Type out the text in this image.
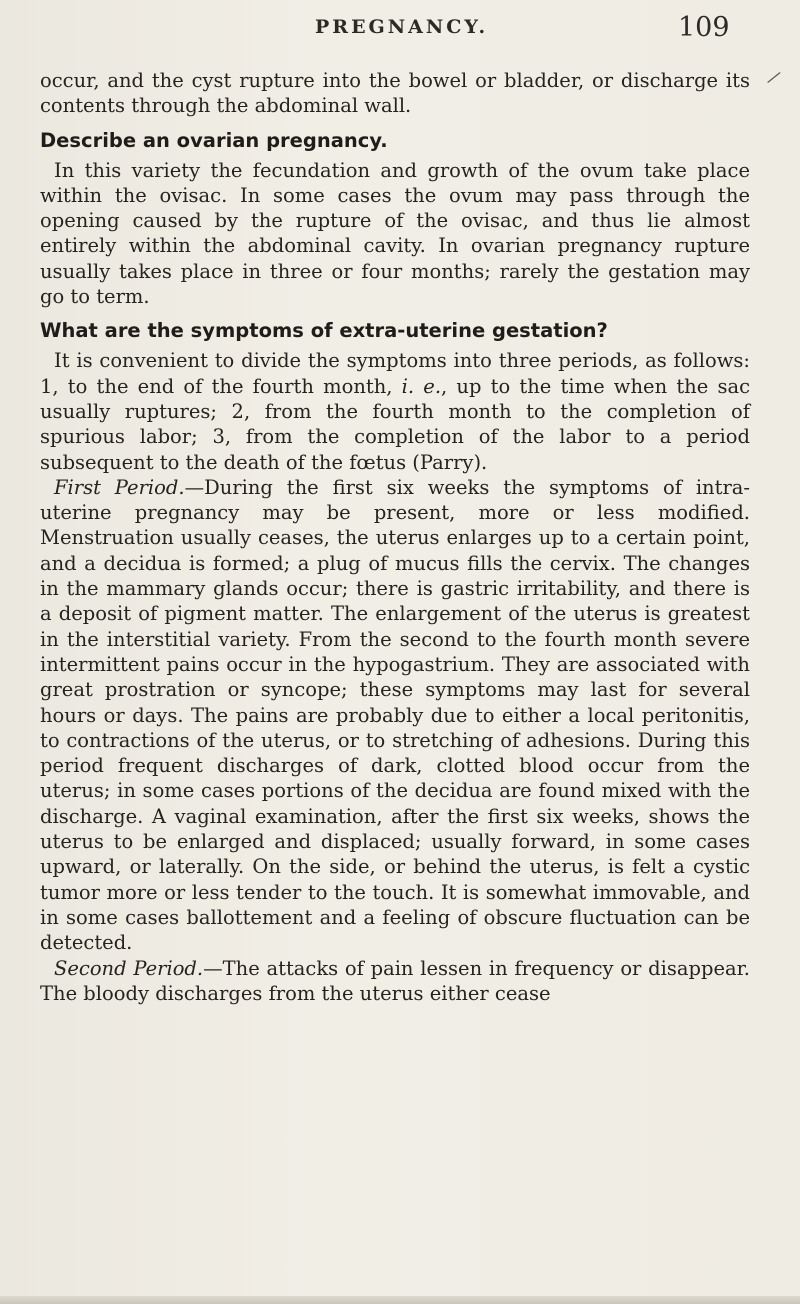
PREGNANCY.	109
⁄

occur, and the cyst rupture into the bowel or bladder, or discharge its contents through the abdominal wall.

Describe an ovarian pregnancy.

In this variety the fecundation and growth of the ovum take place within the ovisac. In some cases the ovum may pass through the opening caused by the rupture of the ovisac, and thus lie almost entirely within the abdominal cavity. In ovarian pregnancy rupture usually takes place in three or four months; rarely the gestation may go to term.

What are the symptoms of extra-uterine gestation?

It is convenient to divide the symptoms into three periods, as follows: 1, to the end of the fourth month, i. e., up to the time when the sac usually ruptures; 2, from the fourth month to the completion of spurious labor; 3, from the completion of the labor to a period subsequent to the death of the fœtus (Parry).

First Period.—During the first six weeks the symptoms of intra-uterine pregnancy may be present, more or less modified. Menstruation usually ceases, the uterus enlarges up to a certain point, and a decidua is formed; a plug of mucus fills the cervix. The changes in the mammary glands occur; there is gastric irritability, and there is a deposit of pigment matter. The enlargement of the uterus is greatest in the interstitial variety. From the second to the fourth month severe intermittent pains occur in the hypogastrium. They are associated with great prostration or syncope; these symptoms may last for several hours or days. The pains are probably due to either a local peritonitis, to contractions of the uterus, or to stretching of adhesions. During this period frequent discharges of dark, clotted blood occur from the uterus; in some cases portions of the decidua are found mixed with the discharge. A vaginal examination, after the first six weeks, shows the uterus to be enlarged and displaced; usually forward, in some cases upward, or laterally. On the side, or behind the uterus, is felt a cystic tumor more or less tender to the touch. It is somewhat immovable, and in some cases ballottement and a feeling of obscure fluctuation can be detected.

Second Period.—The attacks of pain lessen in frequency or disappear. The bloody discharges from the uterus either cease
